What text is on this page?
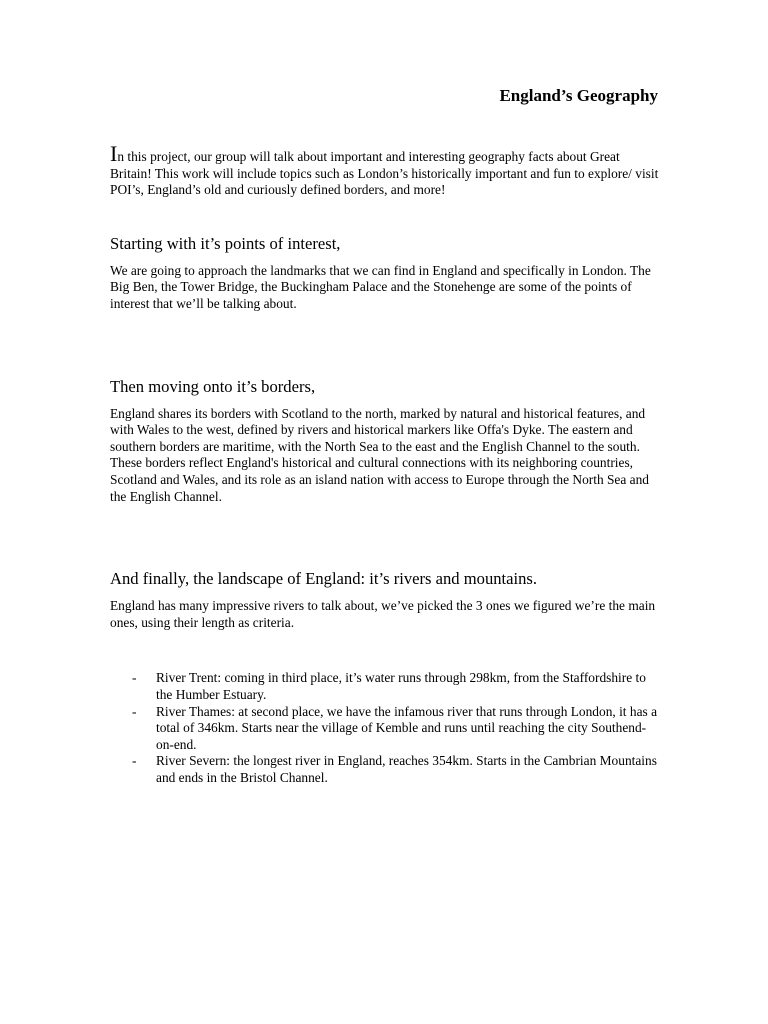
England’s Geography

In this project, our group will talk about important and interesting geography facts about Great Britain! This work will include topics such as London’s historically important and fun to explore/ visit POI’s, England’s old and curiously defined borders, and more!

Starting with it’s points of interest,

We are going to approach the landmarks that we can find in England and specifically in London. The Big Ben, the Tower Bridge, the Buckingham Palace and the Stonehenge are some of the points of interest that we’ll be talking about.

Then moving onto it’s borders,

England shares its borders with Scotland to the north, marked by natural and historical features, and with Wales to the west, defined by rivers and historical markers like Offa's Dyke. The eastern and southern borders are maritime, with the North Sea to the east and the English Channel to the south. These borders reflect England's historical and cultural connections with its neighboring countries, Scotland and Wales, and its role as an island nation with access to Europe through the North Sea and the English Channel.

And finally, the landscape of England: it’s rivers and mountains.

England has many impressive rivers to talk about, we’ve picked the 3 ones we figured we’re the main ones, using their length as criteria.

- River Trent: coming in third place, it’s water runs through 298km, from the Staffordshire to the Humber Estuary.
- River Thames: at second place, we have the infamous river that runs through London, it has a total of 346km. Starts near the village of Kemble and runs until reaching the city Southend-on-end.
- River Severn: the longest river in England, reaches 354km. Starts in the Cambrian Mountains and ends in the Bristol Channel.
